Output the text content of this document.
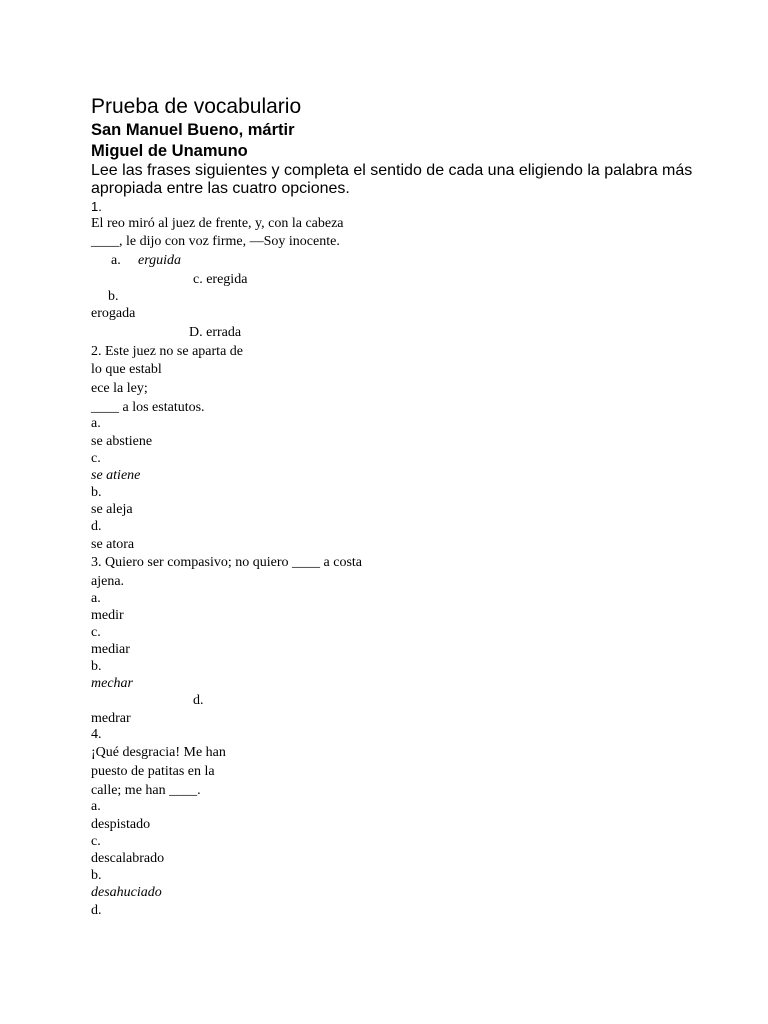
Prueba de vocabulario
San Manuel Bueno, mártir
Miguel de Unamuno
Lee las frases siguientes y completa el sentido de cada una eligiendo la palabra más
apropiada entre las cuatro opciones.
1.
El reo miró al juez de frente, y, con la cabeza
____, le dijo con voz firme, —Soy inocente.
a. erguida
c. eregida
b.
erogada
D. errada
2. Este juez no se aparta de
lo que establ
ece la ley;
____ a los estatutos.
a.
se abstiene
c.
se atiene
b.
se aleja
d.
se atora
3. Quiero ser compasivo; no quiero ____ a costa
ajena.
a.
medir
c.
mediar
b.
mechar
d.
medrar
4.
¡Qué desgracia! Me han
puesto de patitas en la
calle; me han ____.
a.
despistado
c.
descalabrado
b.
desahuciado
d.
